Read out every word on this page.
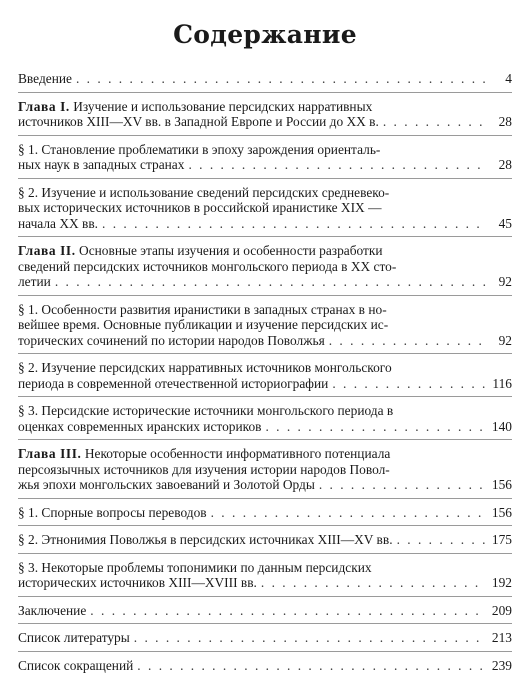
Содержание
Введение . . .	4
Глава I. Изучение и использование персидских нарративных
источников XIII—XV вв. в Западной Европе и России до XX в. . . .	28
§ 1. Становление проблематики в эпоху зарождения ориенталь-
ных наук в западных странах . . .	28
§ 2. Изучение и использование сведений персидских средневеко-
вых исторических источников в российской иранистике XIX —
начала XX вв. . . .	45
Глава II. Основные этапы изучения и особенности разработки
сведений персидских источников монгольского периода в XX сто-
летии . . .	92
§ 1. Особенности развития иранистики в западных странах в но-
вейшее время. Основные публикации и изучение персидских ис-
торических сочинений по истории народов Поволжья . . .	92
§ 2. Изучение персидских нарративных источников монгольского
периода в современной отечественной историографии . . .	116
§ 3. Персидские исторические источники монгольского периода в
оценках современных иранских историков . . .	140
Глава III. Некоторые особенности информативного потенциала
персоязычных источников для изучения истории народов Повол-
жья эпохи монгольских завоеваний и Золотой Орды . . .	156
§ 1. Спорные вопросы переводов . . .	156
§ 2. Этнонимия Поволжья в персидских источниках XIII—XV вв. . . .	175
§ 3. Некоторые проблемы топонимики по данным персидских
исторических источников XIII—XVIII вв. . . .	192
Заключение . . .	209
Список литературы . . .	213
Список сокращений . . .	239
